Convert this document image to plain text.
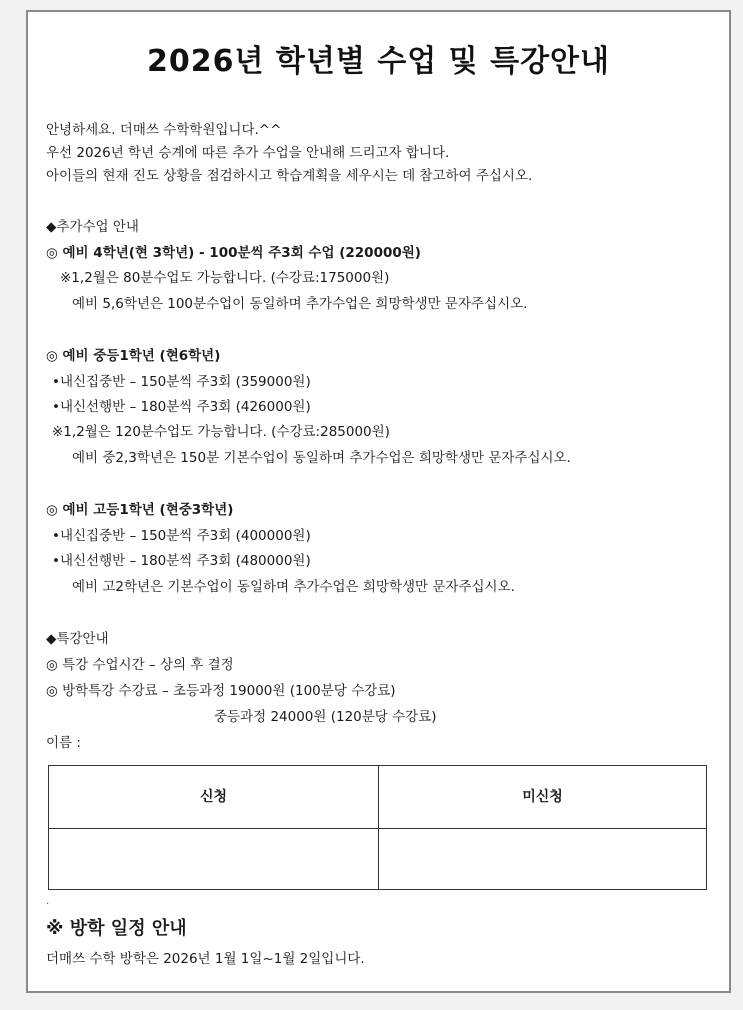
2026년 학년별 수업 및 특강안내
안녕하세요. 더매쓰 수학학원입니다.^^
우선 2026년 학년 승계에 따른 추가 수업을 안내해 드리고자 합니다.
아이들의 현재 진도 상황을 점검하시고 학습계획을 세우시는 데 참고하여 주십시오.
◆추가수업 안내
◎ 예비 4학년(현 3학년) - 100분씩 주3회 수업 (220000원)
※1,2월은 80분수업도 가능합니다. (수강료:175000원)
예비 5,6학년은 100분수업이 동일하며 추가수업은 희망학생만 문자주십시오.
◎ 예비 중등1학년 (현6학년)
•내신집중반 – 150분씩 주3회 (359000원)
•내신선행반 – 180분씩 주3회 (426000원)
※1,2월은 120분수업도 가능합니다. (수강료:285000원)
예비 중2,3학년은 150분 기본수업이 동일하며 추가수업은 희망학생만 문자주십시오.
◎ 예비 고등1학년 (현중3학년)
•내신집중반 – 150분씩 주3회 (400000원)
•내신선행반 – 180분씩 주3회 (480000원)
예비 고2학년은 기본수업이 동일하며 추가수업은 희망학생만 문자주십시오.
◆특강안내
◎ 특강 수업시간 – 상의 후 결정
◎ 방학특강 수강료 – 초등과정 19000원 (100분당 수강료)
중등과정 24000원 (120분당 수강료)
이름 :
신청	미신청
.
※ 방학 일정 안내
더매쓰 수학 방학은 2026년 1월 1일~1월 2일입니다.
